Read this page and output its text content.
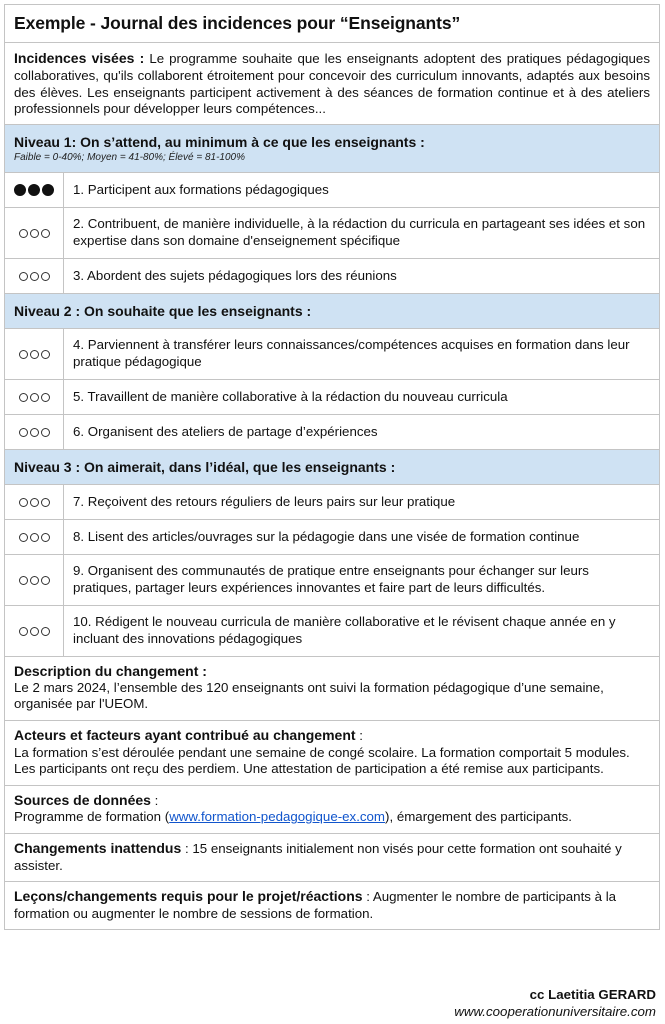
Exemple - Journal des incidences pour “Enseignants”
Incidences visées : Le programme souhaite que les enseignants adoptent des pratiques pédagogiques collaboratives, qu'ils collaborent étroitement pour concevoir des curriculum innovants, adaptés aux besoins des élèves. Les enseignants participent activement à des séances de formation continue et à des ateliers professionnels pour développer leurs compétences...
Niveau 1: On s’attend, au minimum à ce que les enseignants :
Faible = 0-40%; Moyen = 41-80%; Élevé = 81-100%
1. Participent aux formations pédagogiques
2. Contribuent, de manière individuelle, à la rédaction du curricula en partageant ses idées et son expertise dans son domaine d'enseignement spécifique
3. Abordent des sujets pédagogiques lors des réunions
Niveau 2 : On souhaite que les enseignants :
4. Parviennent à transférer leurs connaissances/compétences acquises en formation dans leur pratique pédagogique
5. Travaillent de manière collaborative à la rédaction du nouveau curricula
6. Organisent des ateliers de partage d’expériences
Niveau 3 : On aimerait, dans l’idéal, que les enseignants :
7. Reçoivent des retours réguliers de leurs pairs sur leur pratique
8. Lisent des articles/ouvrages sur la pédagogie dans une visée de formation continue
9. Organisent des communautés de pratique entre enseignants pour échanger sur leurs pratiques, partager leurs expériences innovantes et faire part de leurs difficultés.
10. Rédigent le nouveau curricula de manière collaborative et le révisent chaque année en y incluant des innovations pédagogiques
Description du changement :
Le 2 mars 2024, l’ensemble des 120 enseignants ont suivi la formation pédagogique d’une semaine, organisée par l'UEOM.
Acteurs et facteurs ayant contribué au changement :
La formation s’est déroulée pendant une semaine de congé scolaire. La formation comportait 5 modules. Les participants ont reçu des perdiem. Une attestation de participation a été remise aux participants.
Sources de données :
Programme de formation (www.formation-pedagogique-ex.com), émargement des participants.
Changements inattendus : 15 enseignants initialement non visés pour cette formation ont souhaité y assister.
Leçons/changements requis pour le projet/réactions : Augmenter le nombre de participants à la formation ou augmenter le nombre de sessions de formation.
cc Laetitia GERARD
www.cooperationuniversitaire.com
